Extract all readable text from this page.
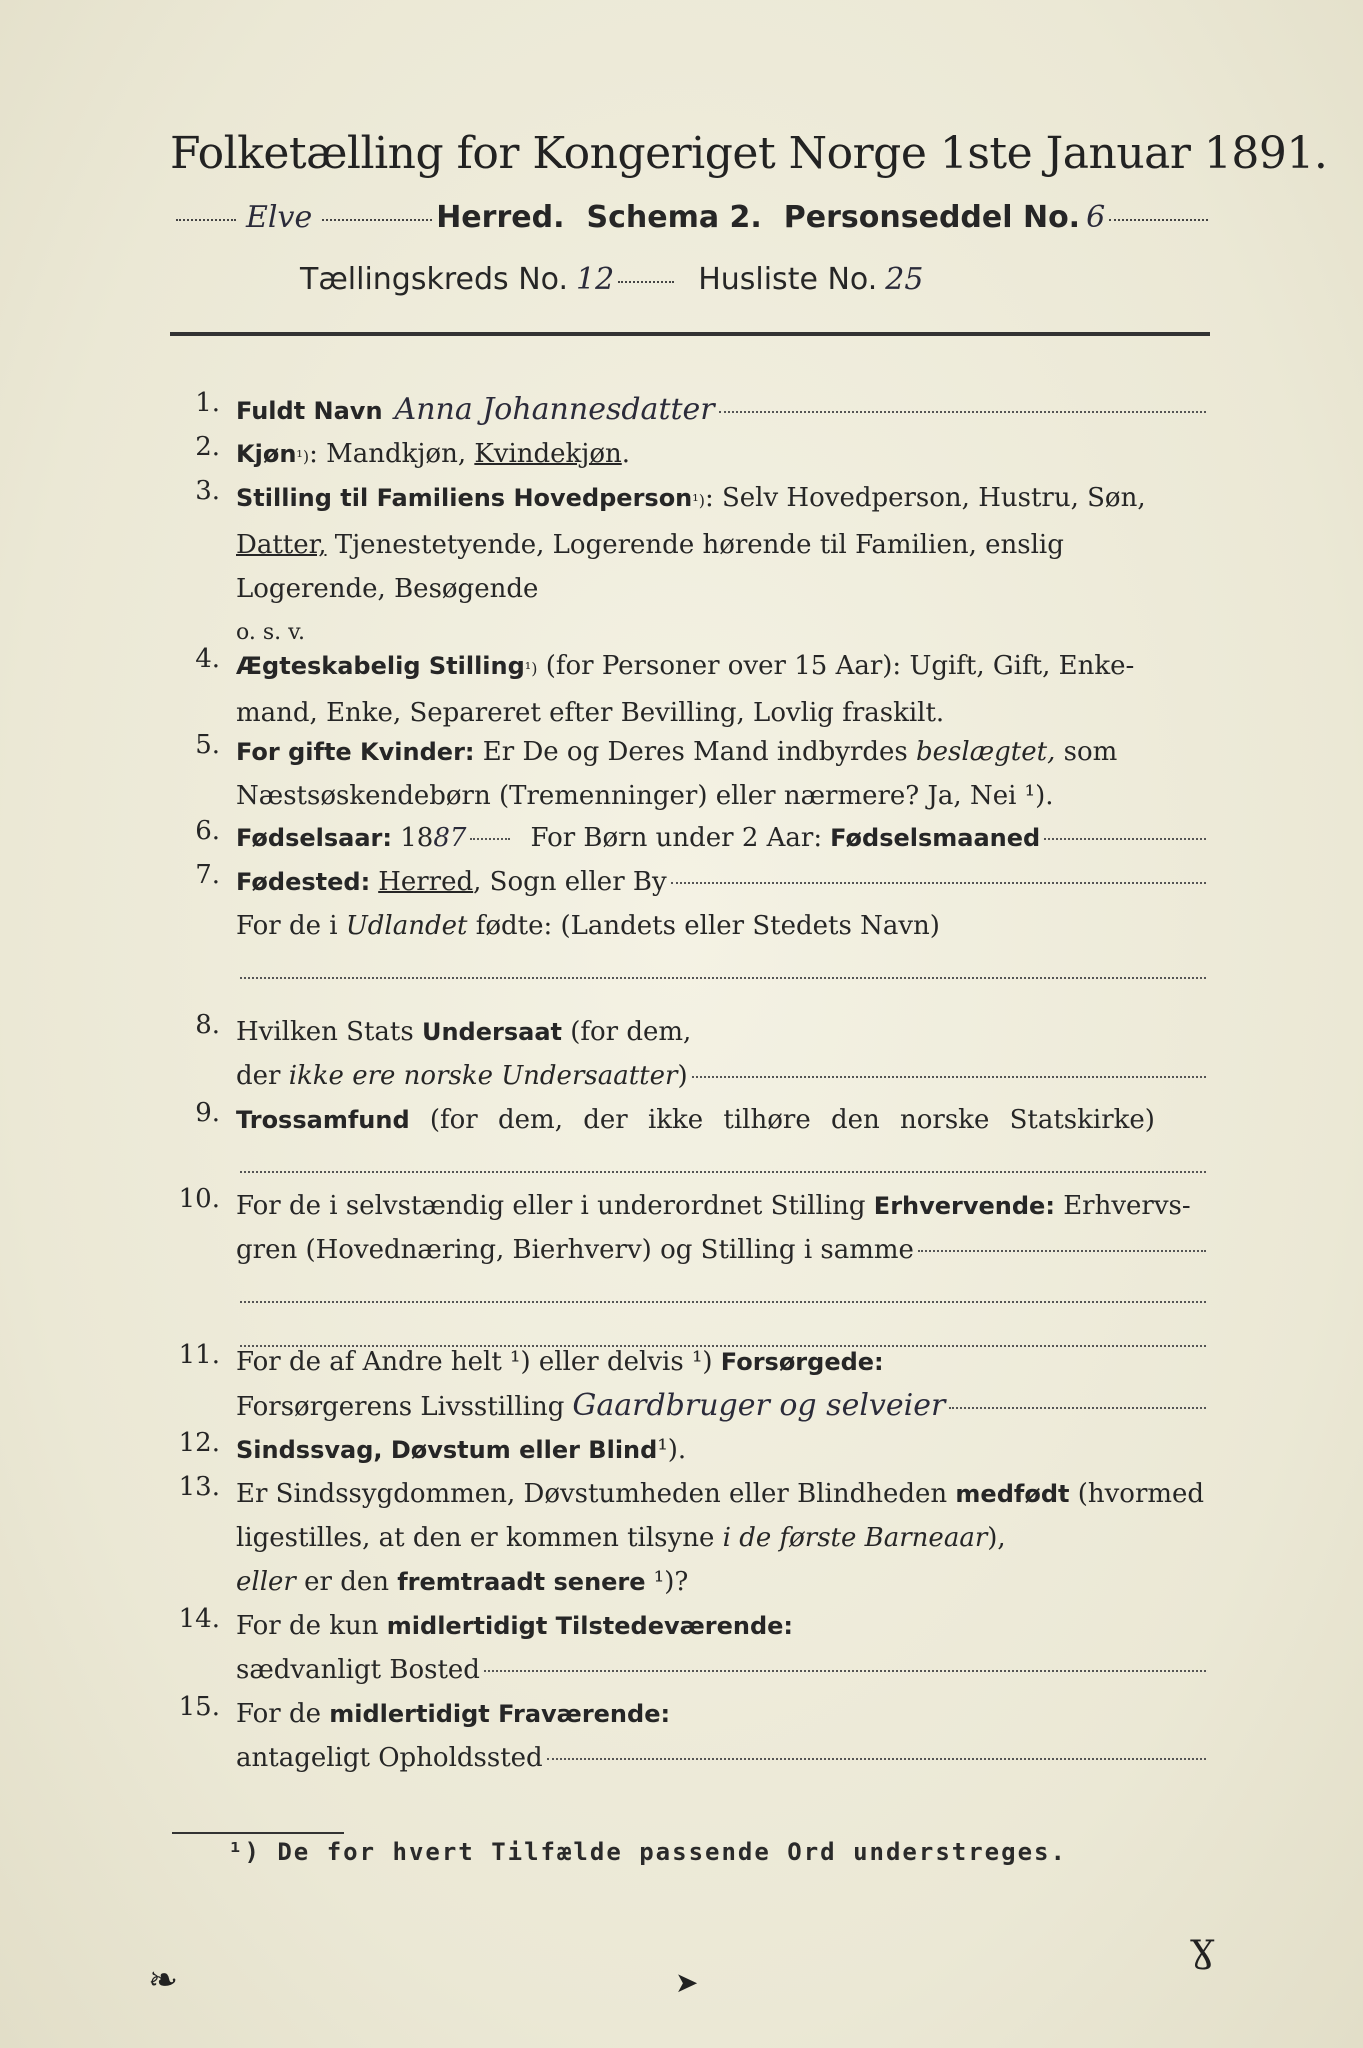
Folketælling for Kongeriget Norge 1ste Januar 1891.
Elve	Herred. Schema 2. Personseddel No. 6
Tællingskreds No. 12	Husliste No. 25
1. Fuldt Navn Anna Johannesdatter
2. Kjøn ¹) : Mandkjøn, Kvindekjøn .
3. Stilling til Familiens Hovedperson ¹) : Selv Hovedperson, Hustru, Søn,
Datter, Tjenestetyende, Logerende hørende til Familien, enslig
Logerende, Besøgende
o. s. v.
4. Ægteskabelig Stilling ¹) (for Personer over 15 Aar): Ugift, Gift, Enke-
mand, Enke, Separeret efter Bevilling, Lovlig fraskilt.
5. For gifte Kvinder: Er De og Deres Mand indbyrdes beslægtet, som
Næstsøskendebørn (Tremenninger) eller nærmere? Ja, Nei ¹).
6. Fødselsaar: 18 87 For Børn under 2 Aar: Fødselsmaaned
7. Fødested: Herred , Sogn eller By
For de i Udlandet fødte: (Landets eller Stedets Navn)
8. Hvilken Stats Undersaat (for dem,
der ikke ere norske Undersaatter )
9. Trossamfund (for dem, der ikke tilhøre den norske Statskirke)
10. For de i selvstændig eller i underordnet Stilling Erhvervende: Erhvervs-
gren (Hovednæring, Bierhverv) og Stilling i samme
11. For de af Andre helt ¹) eller delvis ¹) Forsørgede:
Forsørgerens Livsstilling Gaardbruger og selveier
12. Sindssvag, Døvstum eller Blind ¹).
13. Er Sindssygdommen, Døvstumheden eller Blindheden medfødt (hvormed
ligestilles, at den er kommen tilsyne i de første Barneaar ),
eller er den fremtraadt senere ¹)?
14. For de kun midlertidigt Tilstedeværende:
sædvanligt Bosted
15. For de midlertidigt Fraværende:
antageligt Opholdssted
¹) De for hvert Tilfælde passende Ord understreges.
❧	➤
Ɣ
